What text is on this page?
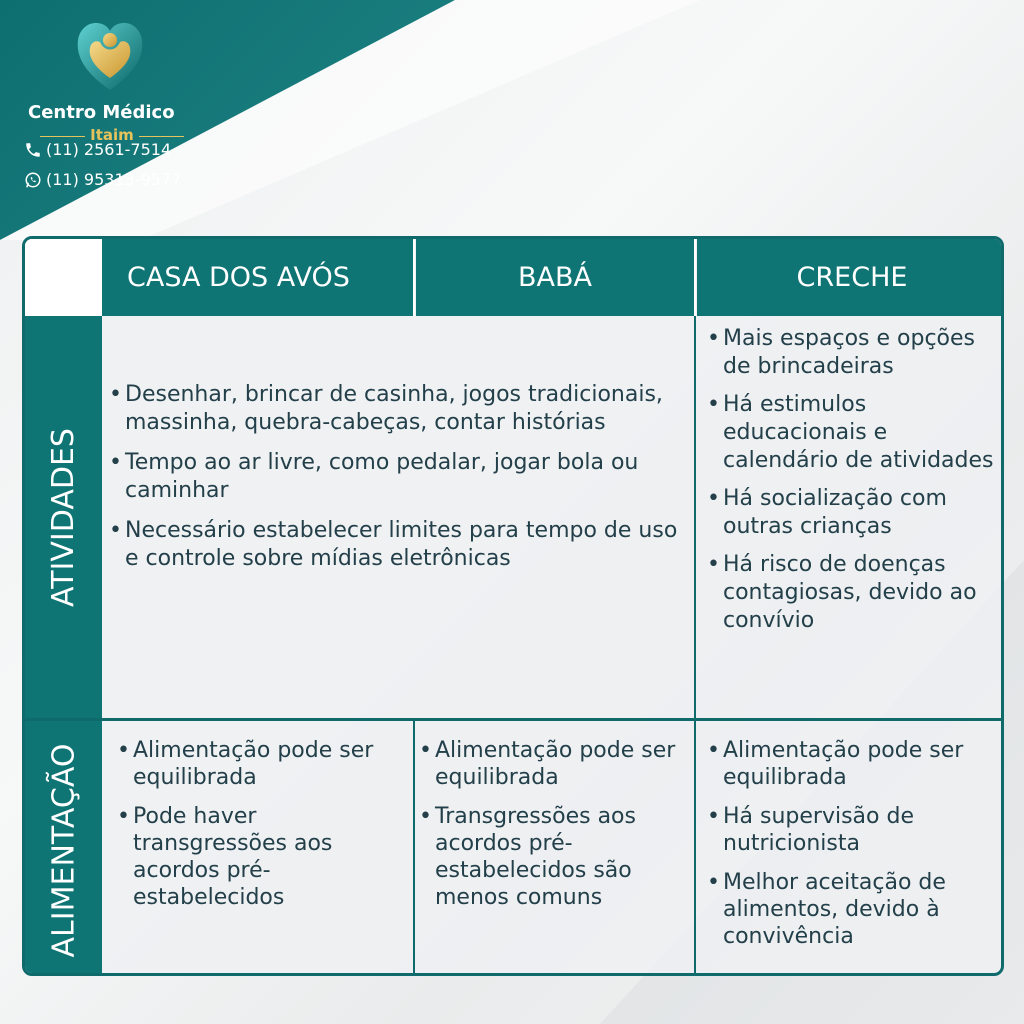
Centro Médico
Itaim
(11) 2561-7514
(11) 95313-9577
CASA DOS AVÓS	BABÁ	CRECHE
ATIVIDADES
ALIMENTAÇÃO
• Desenhar, brincar de casinha, jogos tradicionais, massinha, quebra-cabeças, contar histórias
• Tempo ao ar livre, como pedalar, jogar bola ou caminhar
• Necessário estabelecer limites para tempo de uso e controle sobre mídias eletrônicas
• Mais espaços e opções de brincadeiras
• Há estimulos educacionais e calendário de atividades
• Há socialização com outras crianças
• Há risco de doenças contagiosas, devido ao convívio
• Alimentação pode ser equilibrada
• Pode haver transgressões aos acordos pré-estabelecidos
• Alimentação pode ser equilibrada
• Transgressões aos acordos pré-estabelecidos são menos comuns
• Alimentação pode ser equilibrada
• Há supervisão de nutricionista
• Melhor aceitação de alimentos, devido à convivência
